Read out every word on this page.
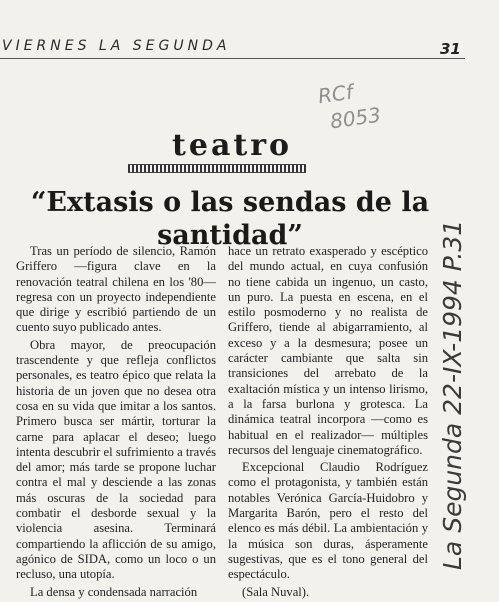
VIERNES LA SEGUNDA	31
RCf
8053
La Segunda 22-IX-1994 P.31
teatro
“Extasis o las sendas de la santidad”

Tras un período de silencio, Ramón Griffero —figura clave en la renovación teatral chilena en los '80— regresa con un proyecto independiente que dirige y escribió partiendo de un cuento suyo publicado antes.

Obra mayor, de preocupación trascendente y que refleja conflictos personales, es teatro épico que relata la historia de un joven que no desea otra cosa en su vida que imitar a los santos. Primero busca ser mártir, torturar la carne para aplacar el deseo; luego intenta descubrir el sufrimiento a través del amor; más tarde se propone luchar contra el mal y desciende a las zonas más oscuras de la sociedad para combatir el desborde sexual y la violencia asesina. Terminará compartiendo la aflicción de su amigo, agónico de SIDA, como un loco o un recluso, una utopía.

La densa y condensada narración

hace un retrato exasperado y escéptico del mundo actual, en cuya confusión no tiene cabida un ingenuo, un casto, un puro. La puesta en escena, en el estilo posmoderno y no realista de Griffero, tiende al abigarramiento, al exceso y a la desmesura; posee un carácter cambiante que salta sin transiciones del arrebato de la exaltación mística y un intenso lirismo, a la farsa burlona y grotesca. La dinámica teatral incorpora —como es habitual en el realizador— múltiples recursos del lenguaje cinematográfico.

Excepcional Claudio Rodríguez como el protagonista, y también están notables Verónica García-Huidobro y Margarita Barón, pero el resto del elenco es más débil. La ambientación y la música son duras, ásperamente sugestivas, que es el tono general del espectáculo.

(Sala Nuval).
